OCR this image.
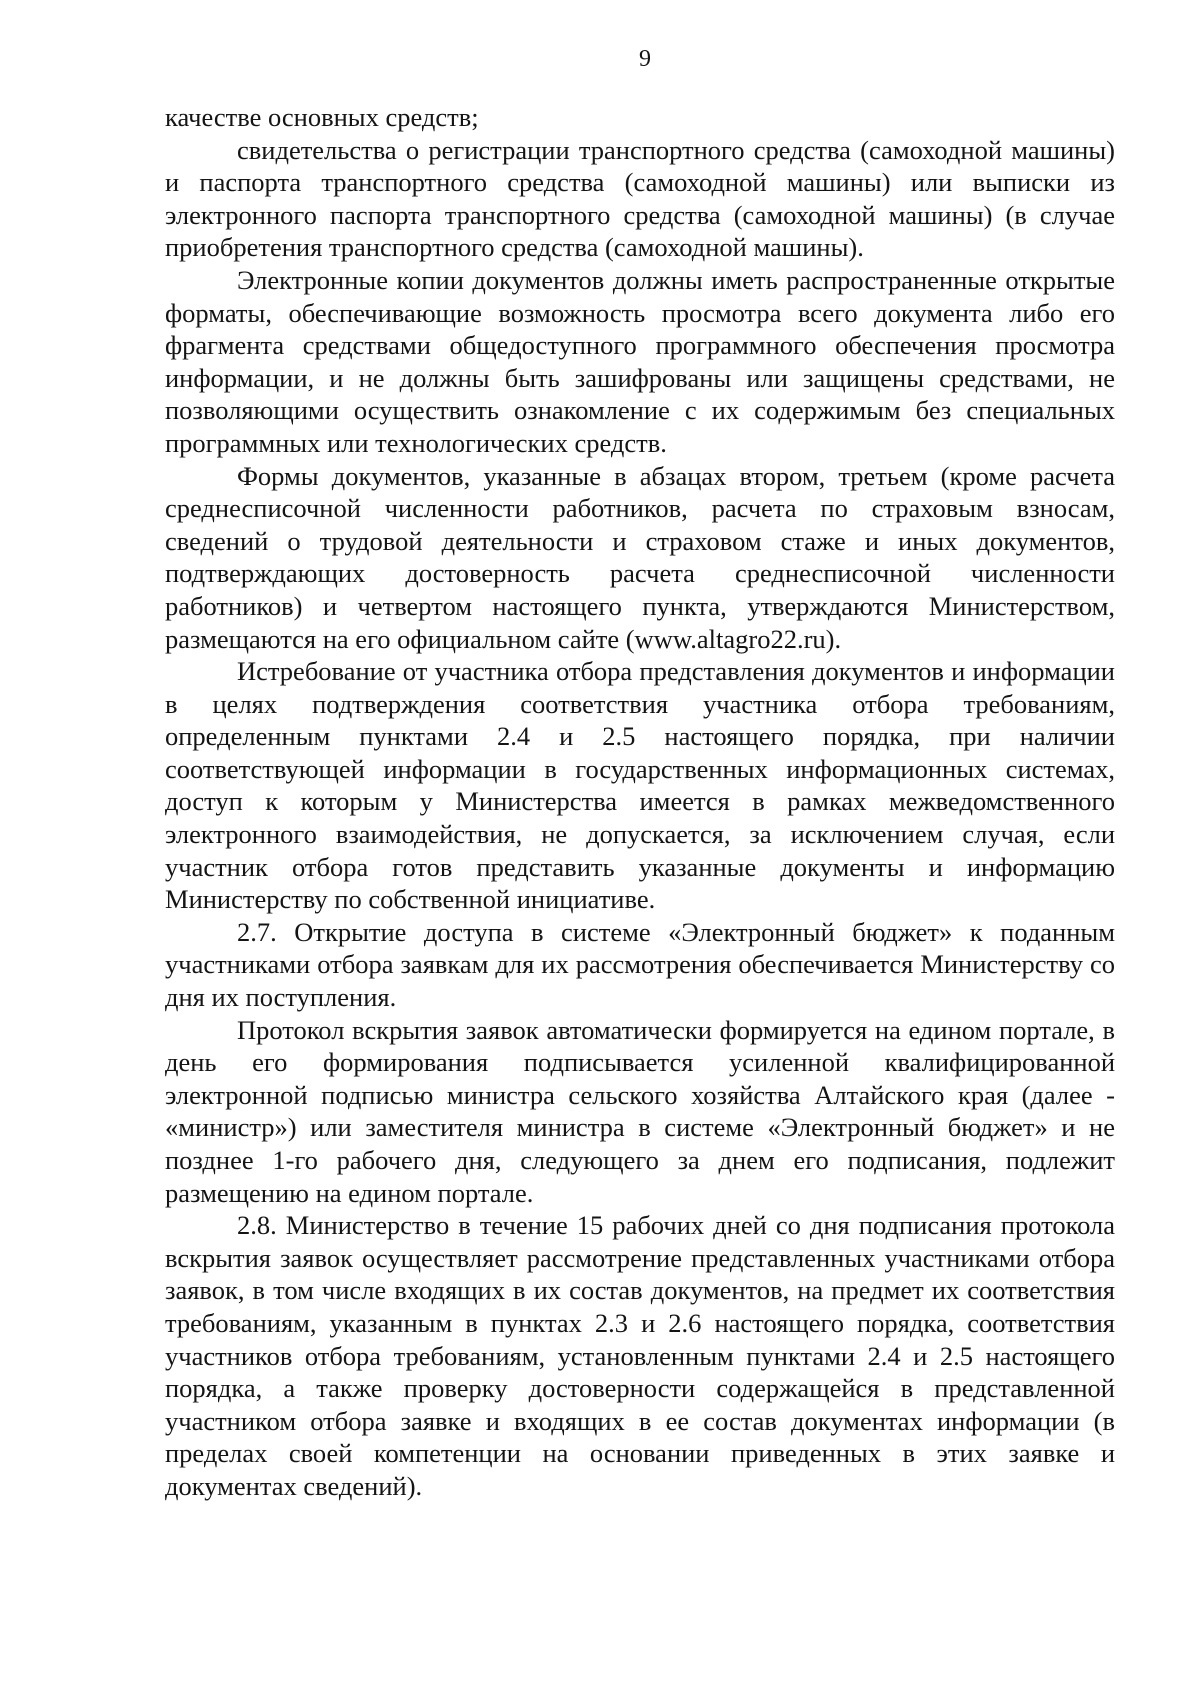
9

качестве основных средств;

свидетельства о регистрации транспортного средства (самоходной машины) и паспорта транспортного средства (самоходной машины) или выписки из электронного паспорта транспортного средства (самоходной машины) (в случае приобретения транспортного средства (самоходной машины).

Электронные копии документов должны иметь распространенные открытые форматы, обеспечивающие возможность просмотра всего документа либо его фрагмента средствами общедоступного программного обеспечения просмотра информации, и не должны быть зашифрованы или защищены средствами, не позволяющими осуществить ознакомление с их содержимым без специальных программных или технологических средств.

Формы документов, указанные в абзацах втором, третьем (кроме расчета среднесписочной численности работников, расчета по страховым взносам, сведений о трудовой деятельности и страховом стаже и иных документов, подтверждающих достоверность расчета среднесписочной численности работников) и четвертом настоящего пункта, утверждаются Министерством, размещаются на его официальном сайте (www.altagro22.ru).

Истребование от участника отбора представления документов и информации в целях подтверждения соответствия участника отбора требованиям, определенным пунктами 2.4 и 2.5 настоящего порядка, при наличии соответствующей информации в государственных информационных системах, доступ к которым у Министерства имеется в рамках межведомственного электронного взаимодействия, не допускается, за исключением случая, если участник отбора готов представить указанные документы и информацию Министерству по собственной инициативе.

2.7. Открытие доступа в системе «Электронный бюджет» к поданным участниками отбора заявкам для их рассмотрения обеспечивается Министерству со дня их поступления.

Протокол вскрытия заявок автоматически формируется на едином портале, в день его формирования подписывается усиленной квалифицированной электронной подписью министра сельского хозяйства Алтайского края (далее - «министр») или заместителя министра в системе «Электронный бюджет» и не позднее 1-го рабочего дня, следующего за днем его подписания, подлежит размещению на едином портале.

2.8. Министерство в течение 15 рабочих дней со дня подписания протокола вскрытия заявок осуществляет рассмотрение представленных участниками отбора заявок, в том числе входящих в их состав документов, на предмет их соответствия требованиям, указанным в пунктах 2.3 и 2.6 настоящего порядка, соответствия участников отбора требованиям, установленным пунктами 2.4 и 2.5 настоящего порядка, а также проверку достоверности содержащейся в представленной участником отбора заявке и входящих в ее состав документах информации (в пределах своей компетенции на основании приведенных в этих заявке и документах сведений).
